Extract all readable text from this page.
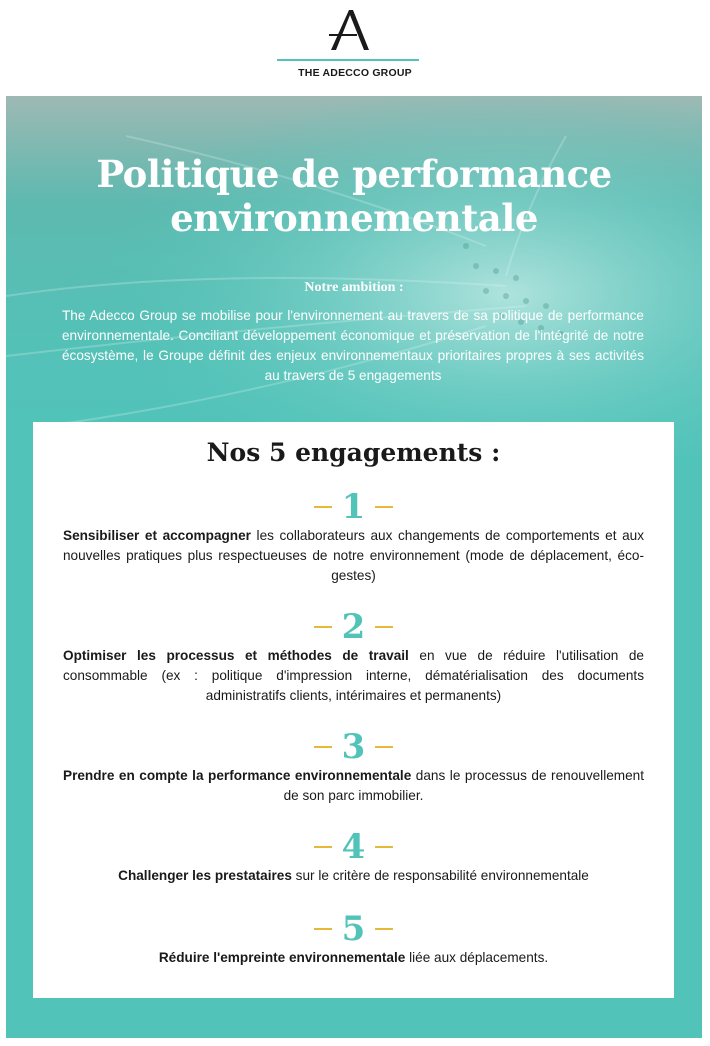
THE ADECCO GROUP
Politique de performance
environnementale
Notre ambition :
The Adecco Group se mobilise pour l'environnement au travers de sa politique de performance environnementale. Conciliant développement économique et préservation de l'intégrité de notre écosystème, le Groupe définit des enjeux environnementaux prioritaires propres à ses activités au travers de 5 engagements
Nos 5 engagements :
1
Sensibiliser et accompagner les collaborateurs aux changements de comportements et aux nouvelles pratiques plus respectueuses de notre environnement (mode de déplacement, éco-gestes)
2
Optimiser les processus et méthodes de travail en vue de réduire l'utilisation de consommable (ex : politique d'impression interne, dématérialisation des documents administratifs clients, intérimaires et permanents)
3
Prendre en compte la performance environnementale dans le processus de renouvellement de son parc immobilier.
4
Challenger les prestataires sur le critère de responsabilité environnementale
5
Réduire l'empreinte environnementale liée aux déplacements.
